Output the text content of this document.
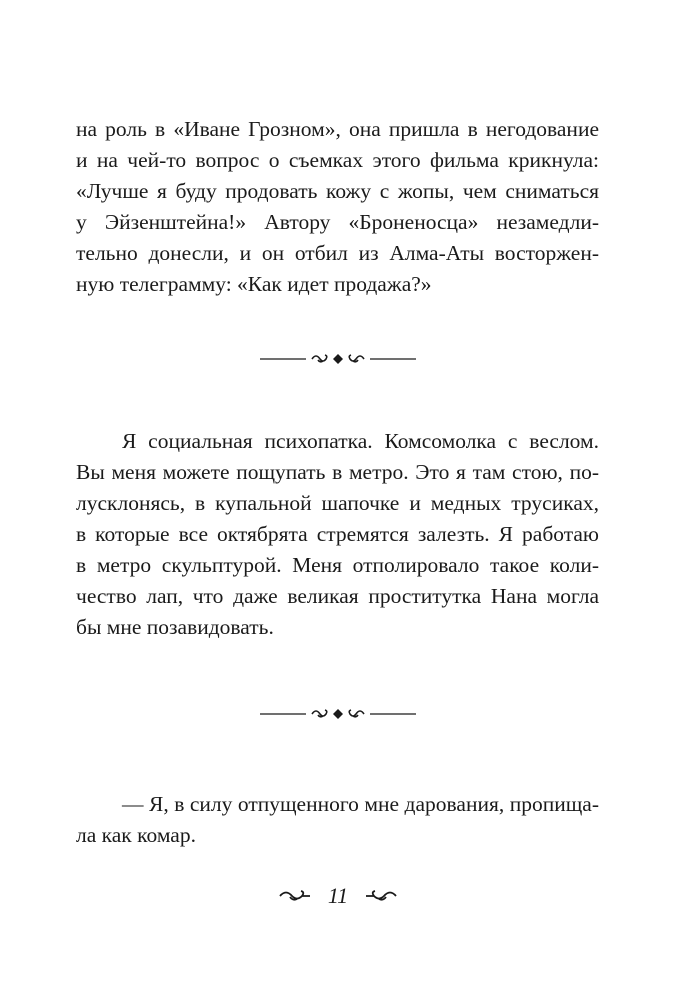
на роль в «Иване Грозном», она пришла в негодование
и на чей-то вопрос о съемках этого фильма крикнула:
«Лучше я буду продовать кожу с жопы, чем сниматься
у Эйзенштейна!» Автору «Броненосца» незамедли-
тельно донесли, и он отбил из Алма-Аты восторжен-
ную телеграмму: «Как идет продажа?»
Я социальная психопатка. Комсомолка с веслом.
Вы меня можете пощупать в метро. Это я там стою, по-
лусклонясь, в купальной шапочке и медных трусиках,
в которые все октябрята стремятся залезть. Я работаю
в метро скульптурой. Меня отполировало такое коли-
чество лап, что даже великая проститутка Нана могла
бы мне позавидовать.
— Я, в силу отпущенного мне дарования, пропища-
ла как комар.
11
